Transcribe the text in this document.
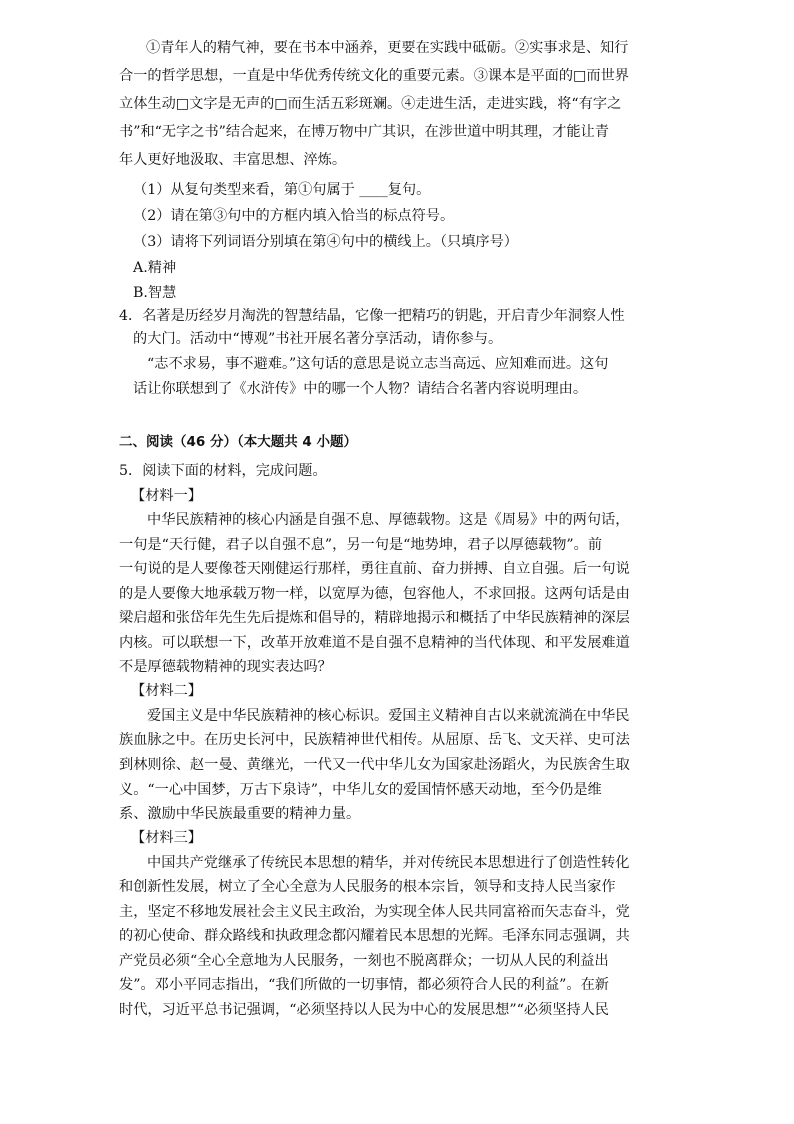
①青年人的精气神，要在书本中涵养，更要在实践中砥砺。②实事求是、知行
合一的哲学思想，一直是中华优秀传统文化的重要元素。③课本是平面的□而世界
立体生动□文字是无声的□而生活五彩斑斓。④走进生活，走进实践，将“有字之
书”和“无字之书”结合起来，在博万物中广其识，在涉世道中明其理，才能让青
年人更好地汲取、丰富思想、淬炼。
（1）从复句类型来看，第①句属于 ____复句。
（2）请在第③句中的方框内填入恰当的标点符号。
（3）请将下列词语分别填在第④句中的横线上。（只填序号）
A.精神
B.智慧
4．名著是历经岁月淘洗的智慧结晶，它像一把精巧的钥匙，开启青少年洞察人性
的大门。活动中“博观”书社开展名著分享活动，请你参与。
“志不求易，事不避难。”这句话的意思是说立志当高远、应知难而进。这句
话让你联想到了《水浒传》中的哪一个人物？请结合名著内容说明理由。
二、阅读（46 分）（本大题共 4 小题）
5．阅读下面的材料，完成问题。
【材料一】
中华民族精神的核心内涵是自强不息、厚德载物。这是《周易》中的两句话，
一句是“天行健，君子以自强不息”，另一句是“地势坤，君子以厚德载物”。前
一句说的是人要像苍天刚健运行那样，勇往直前、奋力拼搏、自立自强。后一句说
的是人要像大地承载万物一样，以宽厚为德，包容他人，不求回报。这两句话是由
梁启超和张岱年先生先后提炼和倡导的，精辟地揭示和概括了中华民族精神的深层
内核。可以联想一下，改革开放难道不是自强不息精神的当代体现、和平发展难道
不是厚德载物精神的现实表达吗？
【材料二】
爱国主义是中华民族精神的核心标识。爱国主义精神自古以来就流淌在中华民
族血脉之中。在历史长河中，民族精神世代相传。从屈原、岳飞、文天祥、史可法
到林则徐、赵一曼、黄继光，一代又一代中华儿女为国家赴汤蹈火，为民族舍生取
义。“一心中国梦，万古下泉诗”，中华儿女的爱国情怀感天动地，至今仍是维
系、激励中华民族最重要的精神力量。
【材料三】
中国共产党继承了传统民本思想的精华，并对传统民本思想进行了创造性转化
和创新性发展，树立了全心全意为人民服务的根本宗旨，领导和支持人民当家作
主，坚定不移地发展社会主义民主政治，为实现全体人民共同富裕而矢志奋斗，党
的初心使命、群众路线和执政理念都闪耀着民本思想的光辉。毛泽东同志强调，共
产党员必须“全心全意地为人民服务，一刻也不脱离群众；一切从人民的利益出
发”。邓小平同志指出，“我们所做的一切事情，都必须符合人民的利益”。在新
时代，习近平总书记强调，“必须坚持以人民为中心的发展思想”“必须坚持人民
